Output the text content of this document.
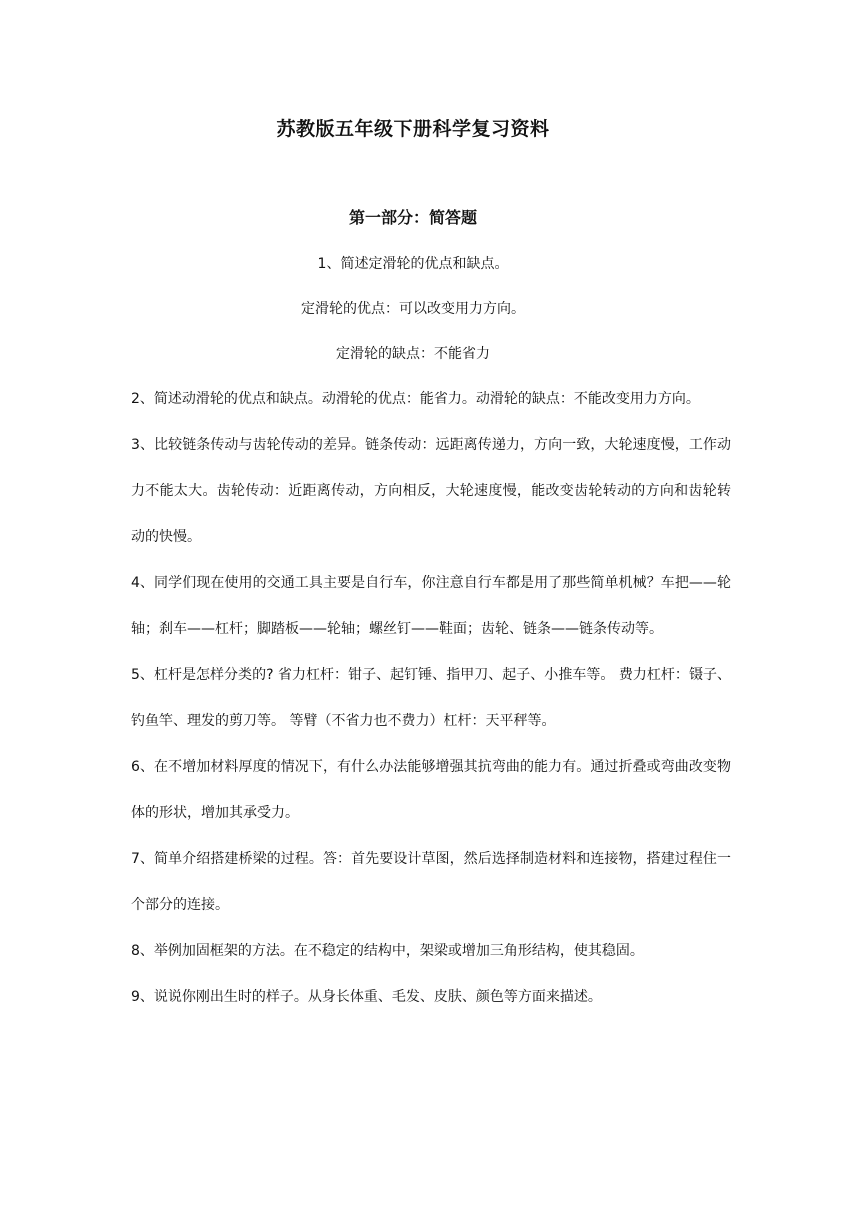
苏教版五年级下册科学复习资料
第一部分：简答题
1、简述定滑轮的优点和缺点。
定滑轮的优点：可以改变用力方向。
定滑轮的缺点：不能省力

2、简述动滑轮的优点和缺点。动滑轮的优点：能省力。动滑轮的缺点：不能改变用力方向。

3、比较链条传动与齿轮传动的差异。链条传动：远距离传递力，方向一致，大轮速度慢，工作动力不能太大。齿轮传动：近距离传动，方向相反，大轮速度慢，能改变齿轮转动的方向和齿轮转动的快慢。

4、同学们现在使用的交通工具主要是自行车，你注意自行车都是用了那些简单机械？车把——轮轴；刹车——杠杆；脚踏板——轮轴；螺丝钉——鞋面；齿轮、链条——链条传动等。

5、杠杆是怎样分类的? 省力杠杆：钳子、起钉锤、指甲刀、起子、小推车等。 费力杠杆：镊子、钓鱼竿、理发的剪刀等。 等臂（不省力也不费力）杠杆：天平秤等。

6、在不增加材料厚度的情况下，有什么办法能够增强其抗弯曲的能力有。通过折叠或弯曲改变物体的形状，增加其承受力。

7、简单介绍搭建桥梁的过程。答：首先要设计草图，然后选择制造材料和连接物，搭建过程住一个部分的连接。

8、举例加固框架的方法。在不稳定的结构中，架梁或增加三角形结构，使其稳固。

9、说说你刚出生时的样子。从身长体重、毛发、皮肤、颜色等方面来描述。
